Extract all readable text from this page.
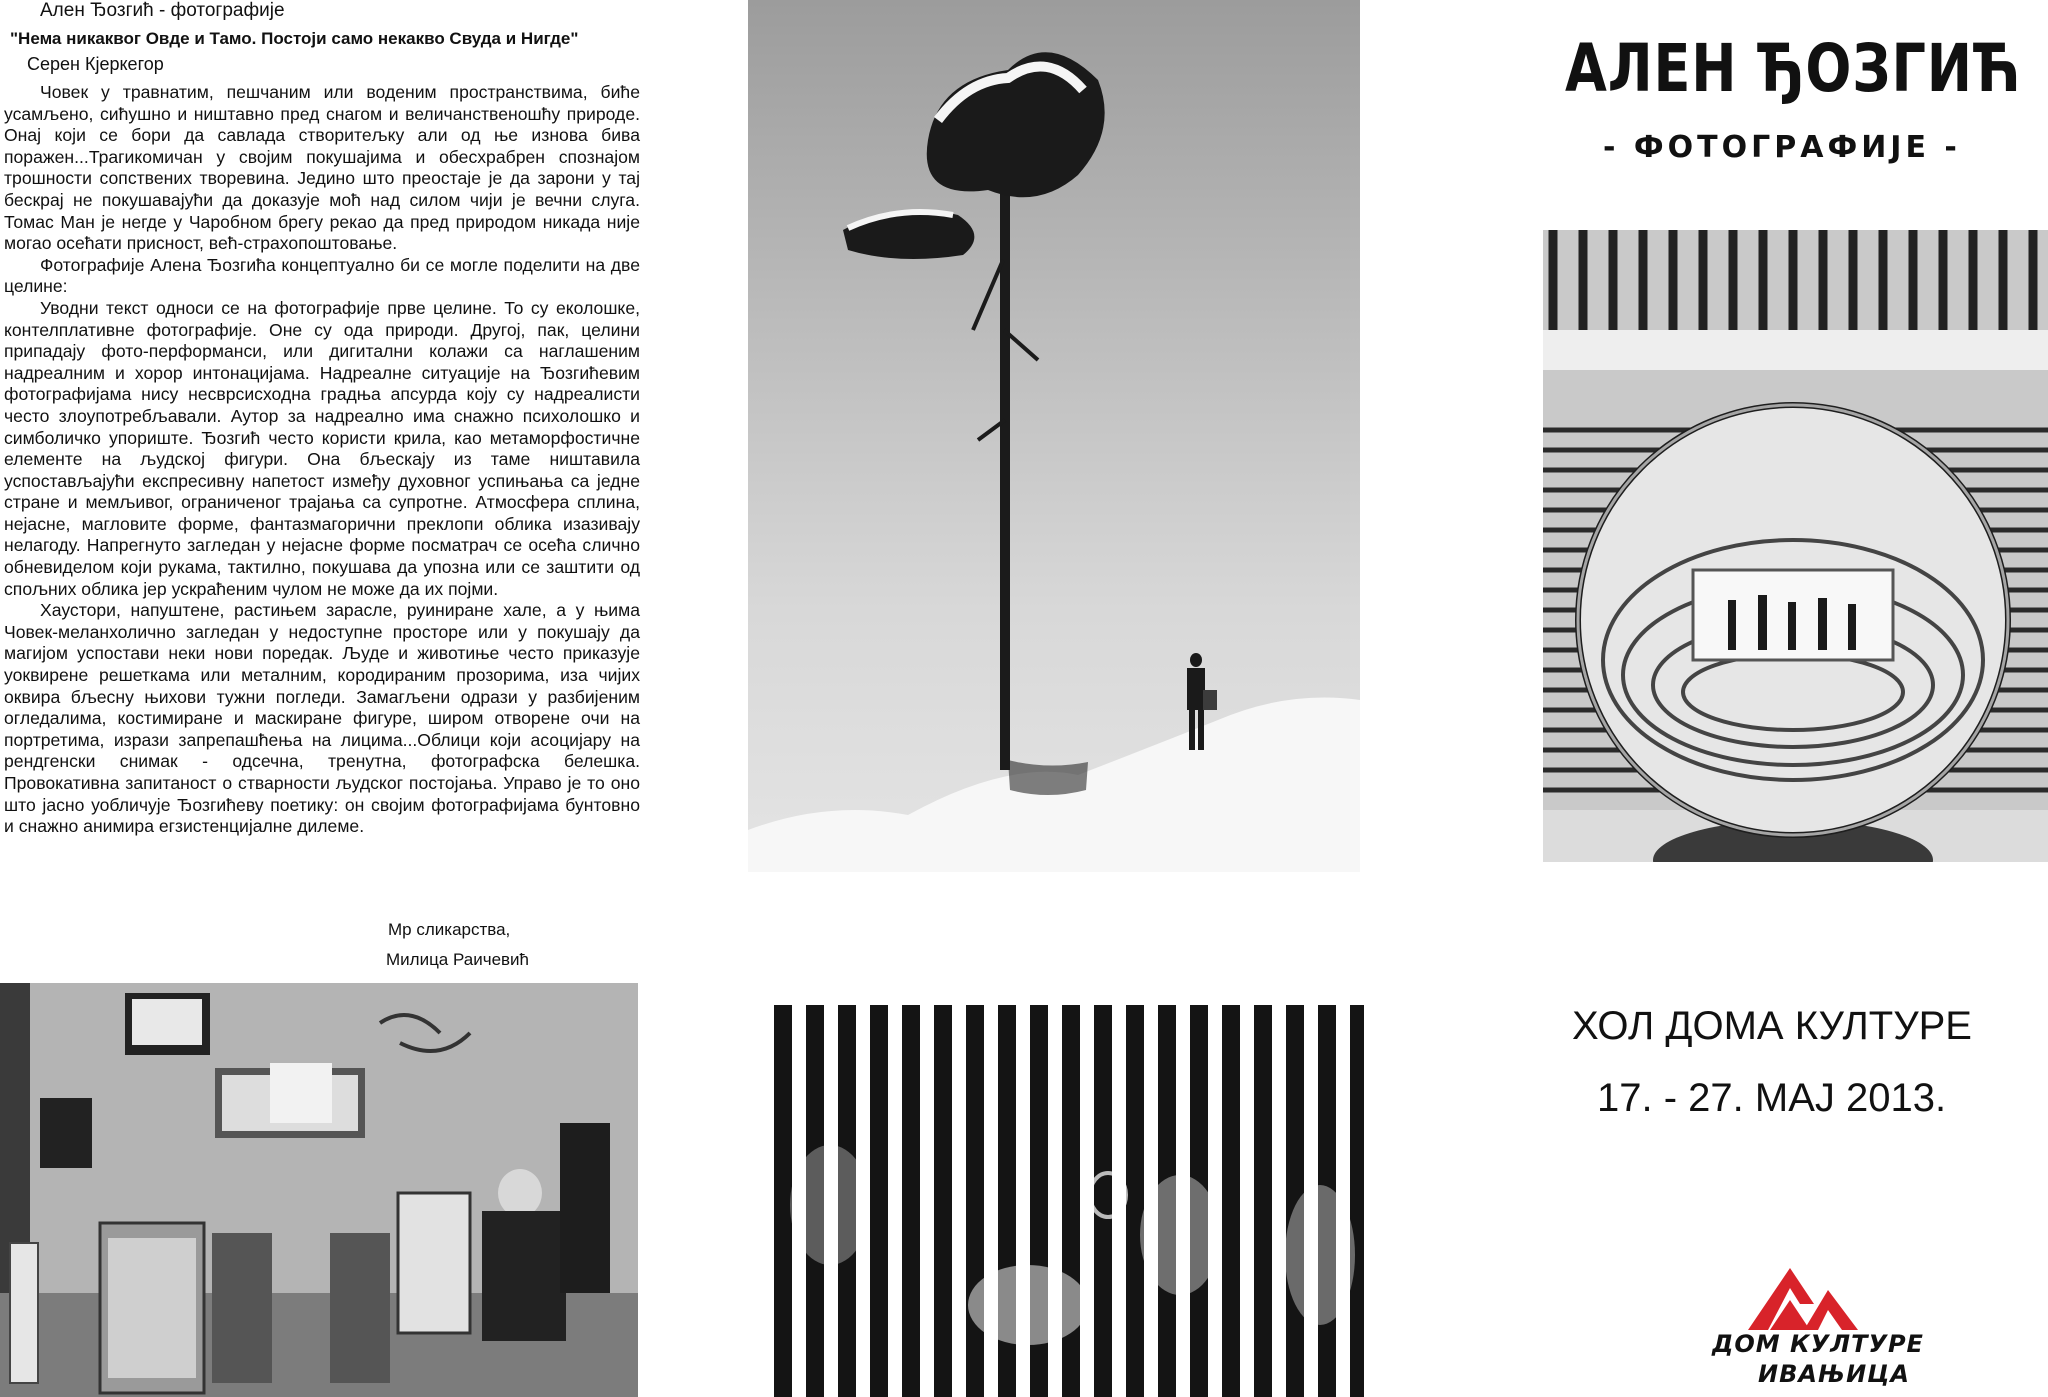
Ален Ђозгић - фотографије
"Нема никаквог Овде и Тамо. Постоји само некакво Свуда и Нигде"
Серен Кјеркегор

Човек у травнатим, пешчаним или воденим пространствима, биће усамљено, сићушно и ништавно пред снагом и величанственошћу природе. Онај који се бори да савлада створитељку али од ње изнова бива поражен...Трагикомичан у својим покушајима и обесхрабрен спознајом трошности сопствених творевина. Једино што преостаје је да зарони у тај бескрај не покушавајући да доказује моћ над силом чији је вечни слуга. Томас Ман је негде у Чаробном брегу рекао да пред природом никада није могао осећати присност, већ-страхопоштовање.

Фотографије Алена Ђозгића концептуално би се могле поделити на две целине:

Уводни текст односи се на фотографије прве целине. То су еколошке, контелплативне фотографије. Оне су ода природи. Другој, пак, целини припадају фото-перформанси, или дигитални колажи са наглашеним надреалним и хорор интонацијама. Надреалне ситуације на Ђозгићевим фотографијама нису несврсисходна градња апсурда коју су надреалисти често злоупотребљавали. Аутор за надреално има снажно психолошко и симболичко упориште. Ђозгић често користи крила, као метаморфостичне елементе на људској фигури. Она бљескају из таме ништавила успостављајући експресивну напетост између духовног успињања са једне стране и мемљивог, ограниченог трајања са супротне. Атмосфера сплина, нејасне, магловите форме, фантазмагорични преклопи облика изазивају нелагоду. Напрегнуто загледан у нејасне форме посматрач се осећа слично обневиделом који рукама, тактилно, покушава да упозна или се заштити од спољних облика јер ускраћеним чулом не може да их појми.

Хаустори, напуштене, растињем зарасле, руиниране хале, а у њима Човек-меланхолично загледан у недоступне просторе или у покушају да магијом успостави неки нови поредак. Људе и животиње често приказује уоквирене решеткама или металним, кородираним прозорима, иза чијих оквира бљесну њихови тужни погледи. Замагљени одрази у разбијеним огледалима, костимиране и маскиране фигуре, широм отворене очи на портретима, изрази запрепашћења на лицима...Облици који асоцијару на рендгенски снимак - одсечна, тренутна, фотографска белешка. Провокативна запитаност о стварности људског постојања. Управо је то оно што јасно уобличује Ђозгићеву поетику: он својим фотографијама бунтовно и снажно анимира егзистенцијалне дилеме.

Мр сликарства,
Милица Раичевић
АЛЕН ЂОЗГИЋ
- ФОТОГРАФИЈЕ -
ХОЛ ДОМА КУЛТУРЕ
17. - 27. МАЈ 2013.
ДОМ КУЛТУРЕ
ИВАЊИЦА
